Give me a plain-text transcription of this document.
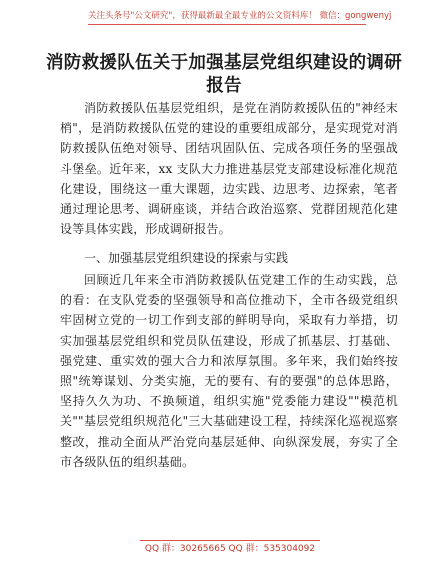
关注头条号"公文研究"，获得最新最全最专业的公文资料库！ 微信：gongwenyj
消防救援队伍关于加强基层党组织建设的调研报告
消防救援队伍基层党组织，是党在消防救援队伍的"神经末梢"，是消防救援队伍党的建设的重要组成部分，是实现党对消防救援队伍绝对领导、团结巩固队伍、完成各项任务的坚强战斗堡垒。近年来，xx 支队大力推进基层党支部建设标准化规范化建设，围绕这一重大课题，边实践、边思考、边探索，笔者通过理论思考、调研座谈，并结合政治巡察、党群团规范化建设等具体实践，形成调研报告。
一、加强基层党组织建设的探索与实践
回顾近几年来全市消防救援队伍党建工作的生动实践，总的看：在支队党委的坚强领导和高位推动下，全市各级党组织牢固树立党的一切工作到支部的鲜明导向，采取有力举措，切实加强基层党组织和党员队伍建设，形成了抓基层、打基础、强党建、重实效的强大合力和浓厚氛围。多年来，我们始终按照"统筹谋划、分类实施，无的要有、有的要强"的总体思路，坚持久久为功、不换频道，组织实施"党委能力建设""模范机关""基层党组织规范化"三大基础建设工程，持续深化巡视巡察整改，推动全面从严治党向基层延伸、向纵深发展，夯实了全市各级队伍的组织基础。
QQ 群：30265665 QQ 群：535304092
